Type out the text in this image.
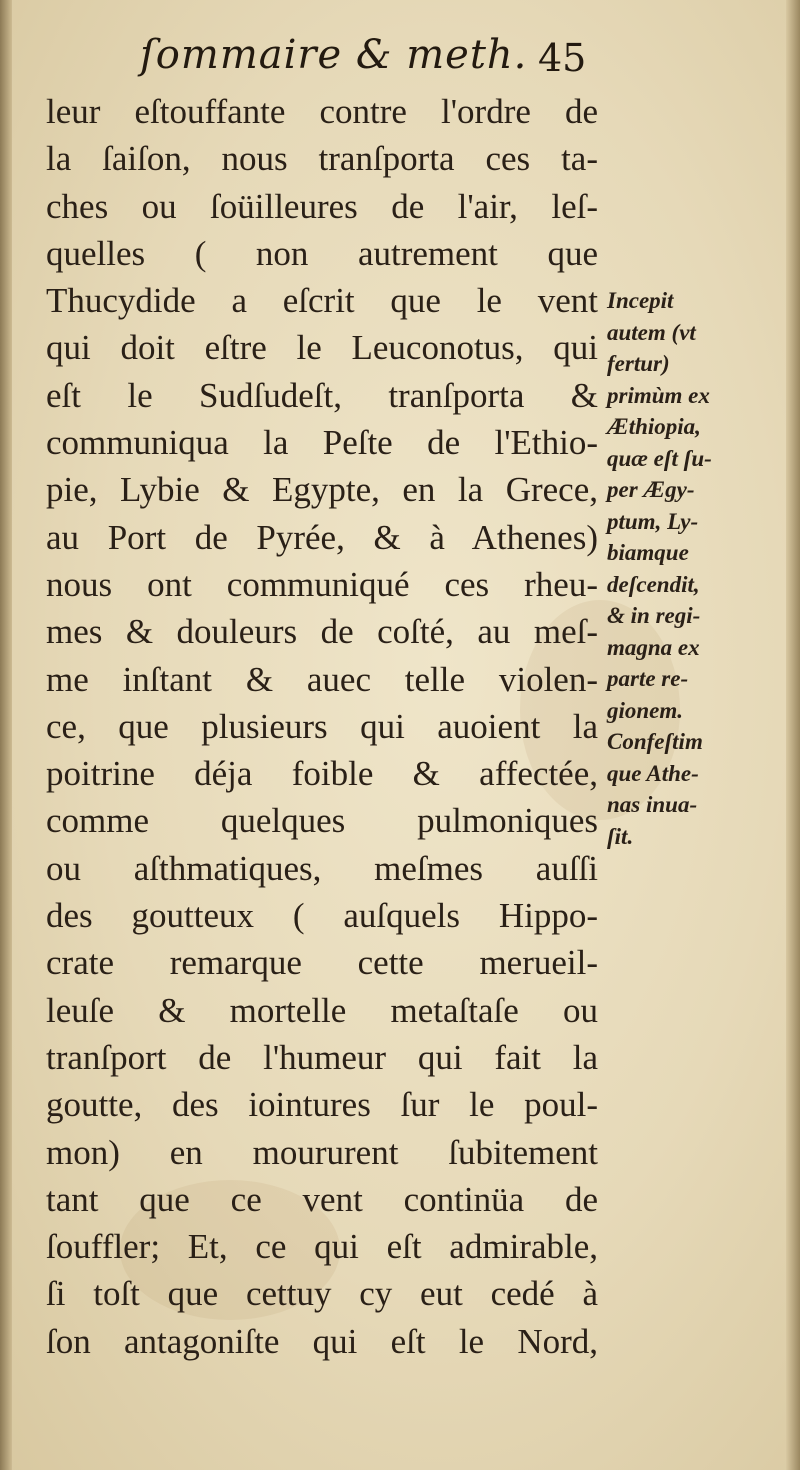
ſommaire & meth. 45
leur eſtouffante contre l'ordre de
la ſaiſon, nous tranſporta ces ta-
ches ou ſoüilleures de l'air, leſ-
quelles ( non autrement que
Thucydide a eſcrit que le vent
qui doit eſtre le Leuconotus, qui
eſt le Sudſudeſt, tranſporta &
communiqua la Peſte de l'Ethio-
pie, Lybie & Egypte, en la Grece,
au Port de Pyrée, & à Athenes)
nous ont communiqué ces rheu-
mes & douleurs de coſté, au meſ-
me inſtant & auec telle violen-
ce, que plusieurs qui auoient la
poitrine déja foible & affectée,
comme quelques pulmoniques
ou aſthmatiques, meſmes auſſi
des goutteux ( auſquels Hippo-
crate remarque cette merueil-
leuſe & mortelle metaſtaſe ou
tranſport de l'humeur qui fait la
goutte, des iointures ſur le poul-
mon) en moururent ſubitement
tant que ce vent continüa de
ſouffler; Et, ce qui eſt admirable,
ſi toſt que cettuy cy eut cedé à
ſon antagoniſte qui eſt le Nord,
Incepit
autem (vt
fertur)
primùm ex
Æthiopia,
quæ eſt ſu-
per Ægy-
ptum, Ly-
biamque
deſcendit,
& in regi-
magna ex
parte re-
gionem.
Confeſtim
que Athe-
nas inua-
ſit.
